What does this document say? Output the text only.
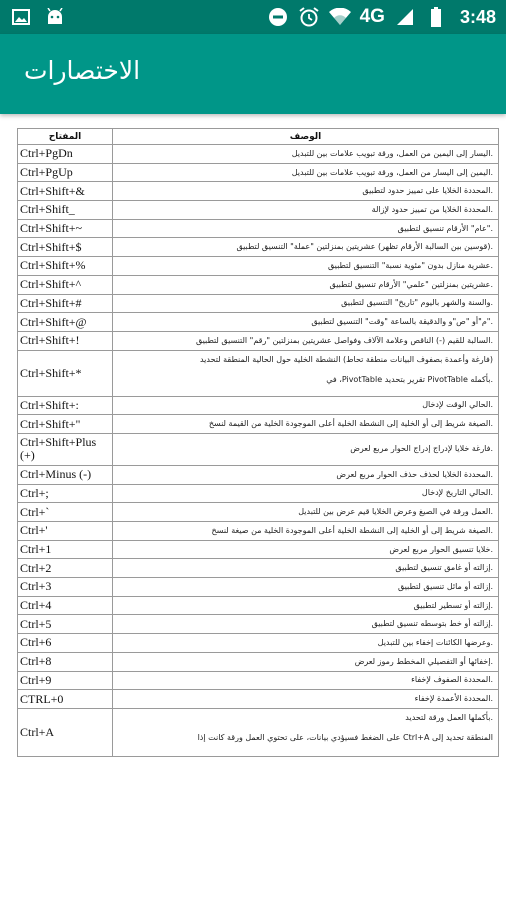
4G	3:48
الاختصارات
المفتاح	الوصف
Ctrl+PgDn	.اليسار إلى اليمين من العمل، ورقة تبويب علامات بين للتبديل
Ctrl+PgUp	.اليمين إلى اليسار من العمل، ورقة تبويب علامات بين للتبديل
Ctrl+Shift+&	.المحددة الخلايا على تمييز حدود لتطبيق
Ctrl+Shift_	.المحددة الخلايا من تمييز حدود لإزالة
Ctrl+Shift+~	."عام" الأرقام تنسيق لتطبيق
Ctrl+Shift+$	.(قوسين بين السالبة الأرقام تظهر) عشريتين بمنزلتين "عملة" التنسيق لتطبيق
Ctrl+Shift+%	.عشرية منازل بدون "مئوية نسبة" التنسيق لتطبيق
Ctrl+Shift+^	.عشريتين بمنزلتين "علمي" الأرقام تنسيق لتطبيق
Ctrl+Shift+#	.والسنة والشهر باليوم "تاريخ" التنسيق لتطبيق
Ctrl+Shift+@	."م"أو "ص"و والدقيقة بالساعة "وقت" التنسيق لتطبيق
Ctrl+Shift+!	.السالبة للقيم (-) الناقص وعلامة الآلاف وفواصل عشريتين بمنزلتين "رقم" التنسيق لتطبيق
Ctrl+Shift+*	(فارغة وأعمدة بصفوف البيانات منطقة تحاط) النشطة الخلية حول الحالية المنطقة لتحديد
.بأكمله PivotTable تقرير بتحديد PivotTable، في

Ctrl+Shift+:	.الحالي الوقت لإدخال
Ctrl+Shift+"	.الصيغة شريط إلى أو الخلية إلى النشطة الخلية أعلى الموجودة الخلية من القيمة لنسخ
Ctrl+Shift+Plus (+)	.فارغة خلايا لإدراج إدراج الحوار مربع لعرض
Ctrl+Minus (-)	.المحددة الخلايا لحذف حذف الحوار مربع لعرض
Ctrl+;	.الحالي التاريخ لإدخال
Ctrl+`	.العمل ورقة في الصيغ وعرض الخلايا قيم عرض بين للتبديل
Ctrl+'	.الصيغة شريط إلى أو الخلية إلى النشطة الخلية أعلى الموجودة الخلية من صيغة لنسخ
Ctrl+1	.خلايا تنسيق الحوار مربع لعرض
Ctrl+2	.إزالته أو غامق تنسيق لتطبيق
Ctrl+3	.إزالته أو مائل تنسيق لتطبيق
Ctrl+4	.إزالته أو تسطير لتطبيق
Ctrl+5	.إزالته أو خط بتوسطه تنسيق لتطبيق
Ctrl+6	.وعرضها الكائنات إخفاء بين للتبديل
Ctrl+8	.إخفائها أو التفصيلي المخطط رموز لعرض
Ctrl+9	.المحددة الصفوف لإخفاء
CTRL+0	.المحددة الأعمدة لإخفاء
Ctrl+A	.بأكملها العمل ورقة لتحديد
المنطقة تحديد إلى Ctrl+A على الضغط فسيؤدي بيانات، على تحتوي العمل ورقة كانت إذا
